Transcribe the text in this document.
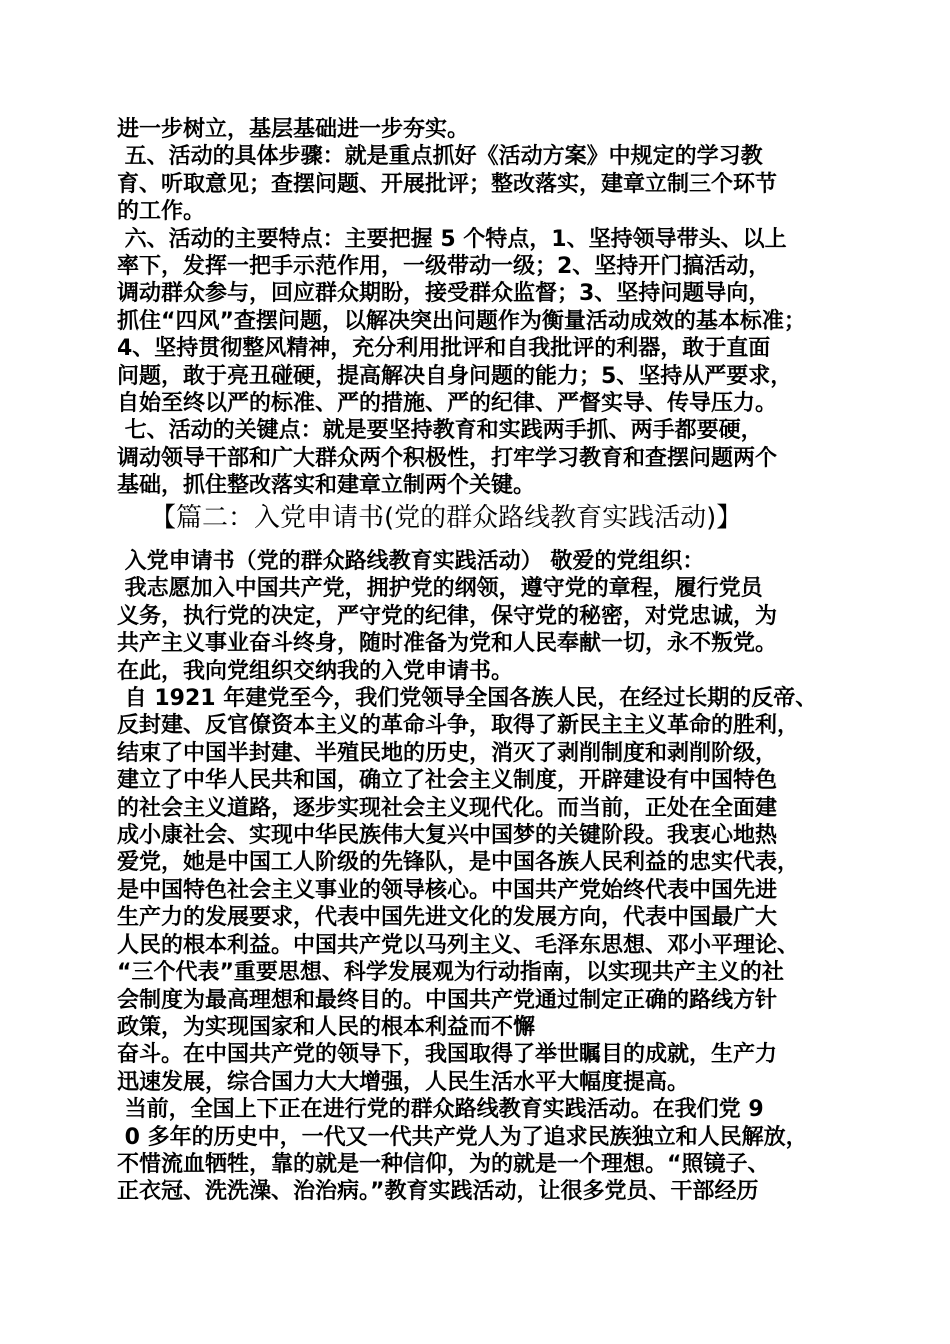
进一步树立，基层基础进一步夯实。

五、活动的具体步骤：就是重点抓好《活动方案》中规定的学习教

育、听取意见；查摆问题、开展批评；整改落实，建章立制三个环节

的工作。

六、活动的主要特点：主要把握 5 个特点，1、坚持领导带头、以上

率下，发挥一把手示范作用，一级带动一级；2、坚持开门搞活动，

调动群众参与，回应群众期盼，接受群众监督；3、坚持问题导向，

抓住“四风”查摆问题，以解决突出问题作为衡量活动成效的基本标准；

4、坚持贯彻整风精神，充分利用批评和自我批评的利器，敢于直面

问题，敢于亮丑碰硬，提高解决自身问题的能力；5、坚持从严要求，

自始至终以严的标准、严的措施、严的纪律、严督实导、传导压力。

七、活动的关键点：就是要坚持教育和实践两手抓、两手都要硬，

调动领导干部和广大群众两个积极性，打牢学习教育和查摆问题两个

基础，抓住整改落实和建章立制两个关键。

【篇二：入党申请书(党的群众路线教育实践活动)】

入党申请书（党的群众路线教育实践活动） 敬爱的党组织：

我志愿加入中国共产党，拥护党的纲领，遵守党的章程，履行党员

义务，执行党的决定，严守党的纪律，保守党的秘密，对党忠诚，为

共产主义事业奋斗终身，随时准备为党和人民奉献一切，永不叛党。

在此，我向党组织交纳我的入党申请书。

自 1921 年建党至今，我们党领导全国各族人民，在经过长期的反帝、

反封建、反官僚资本主义的革命斗争，取得了新民主主义革命的胜利，

结束了中国半封建、半殖民地的历史，消灭了剥削制度和剥削阶级，

建立了中华人民共和国，确立了社会主义制度，开辟建设有中国特色

的社会主义道路，逐步实现社会主义现代化。而当前，正处在全面建

成小康社会、实现中华民族伟大复兴中国梦的关键阶段。我衷心地热

爱党，她是中国工人阶级的先锋队，是中国各族人民利益的忠实代表，

是中国特色社会主义事业的领导核心。中国共产党始终代表中国先进

生产力的发展要求，代表中国先进文化的发展方向，代表中国最广大

人民的根本利益。中国共产党以马列主义、毛泽东思想、邓小平理论、

“三个代表”重要思想、科学发展观为行动指南，以实现共产主义的社

会制度为最高理想和最终目的。中国共产党通过制定正确的路线方针

政策，为实现国家和人民的根本利益而不懈

奋斗。在中国共产党的领导下，我国取得了举世瞩目的成就，生产力

迅速发展，综合国力大大增强，人民生活水平大幅度提高。

当前，全国上下正在进行党的群众路线教育实践活动。在我们党 9

0 多年的历史中，一代又一代共产党人为了追求民族独立和人民解放，

不惜流血牺牲，靠的就是一种信仰，为的就是一个理想。“照镜子、

正衣冠、洗洗澡、治治病。”教育实践活动，让很多党员、干部经历
